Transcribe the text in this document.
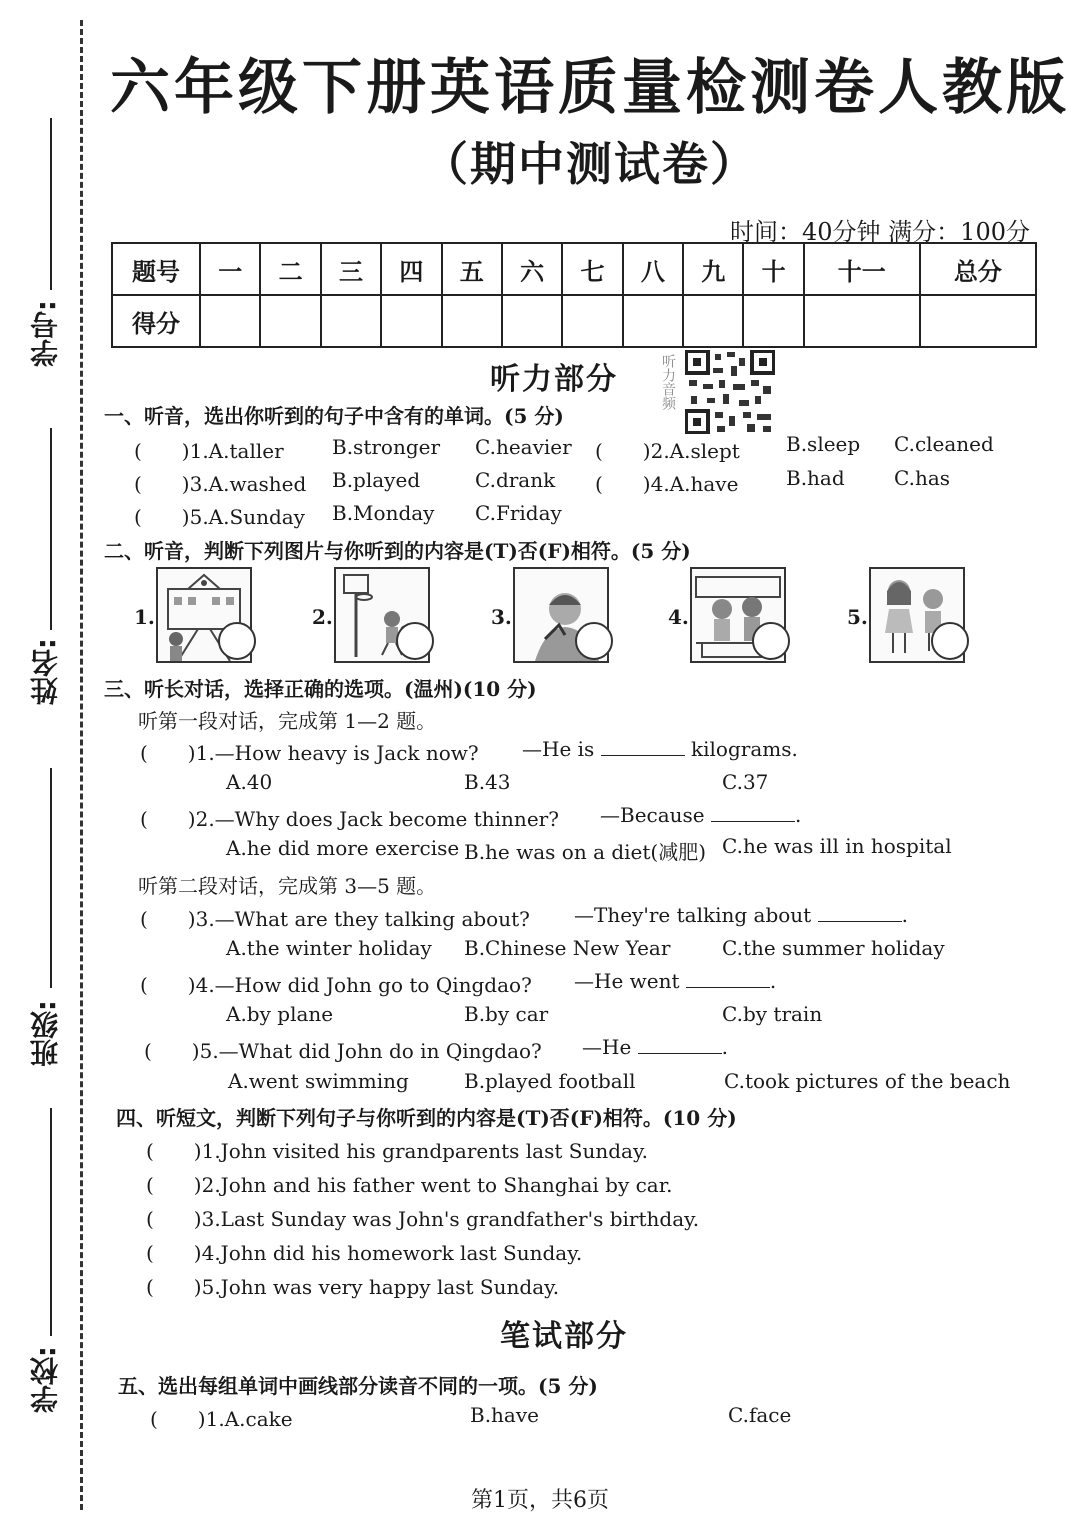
学号:
姓名:
班级:
学校:
六年级下册英语质量检测卷人教版
（期中测试卷）
时间：40分钟 满分：100分
题号	一	二	三	四	五	六	七	八	九	十	十一	总分
得分												
听力部分	听力音频
一、听音，选出你听到的句子中含有的单词。(5 分)
(　　)1.A.taller B.stronger C.heavier (　　)2.A.slept B.sleep C.cleaned
(　　)3.A.washed B.played	C.drank (　　)4.A.have B.had C.has
(　　)5.A.Sunday B.Monday C.Friday
二、听音，判断下列图片与你听到的内容是(T)否(F)相符。(5 分)
1.	2.	3.	4.	5.
三、听长对话，选择正确的选项。(温州)(10 分)
听第一段对话，完成第 1—2 题。
(　　)1.—How heavy is Jack now? —He is	kilograms.
A.40	B.43	C.37
(　　)2.—Why does Jack become thinner? —Because	.
A.he did more exercise B.he was on a diet(减肥) C.he was ill in hospital
听第二段对话，完成第 3—5 题。
(　　)3.—What are they talking about? —They're talking about	.
A.the winter holiday B.Chinese New Year	C.the summer holiday
(　　)4.—How did John go to Qingdao? —He went	.
A.by plane	B.by car	C.by train
(　　)5.—What did John do in Qingdao? —He	.
A.went swimming	B.played football	C.took pictures of the beach
四、听短文，判断下列句子与你听到的内容是(T)否(F)相符。(10 分)
(　　)1.John visited his grandparents last Sunday.
(　　)2.John and his father went to Shanghai by car.
(　　)3.Last Sunday was John's grandfather's birthday.
(　　)4.John did his homework last Sunday.
(　　)5.John was very happy last Sunday.
笔试部分
五、选出每组单词中画线部分读音不同的一项。(5 分)
(　　)1.A.cake	B.have	C.face
第1页，共6页
